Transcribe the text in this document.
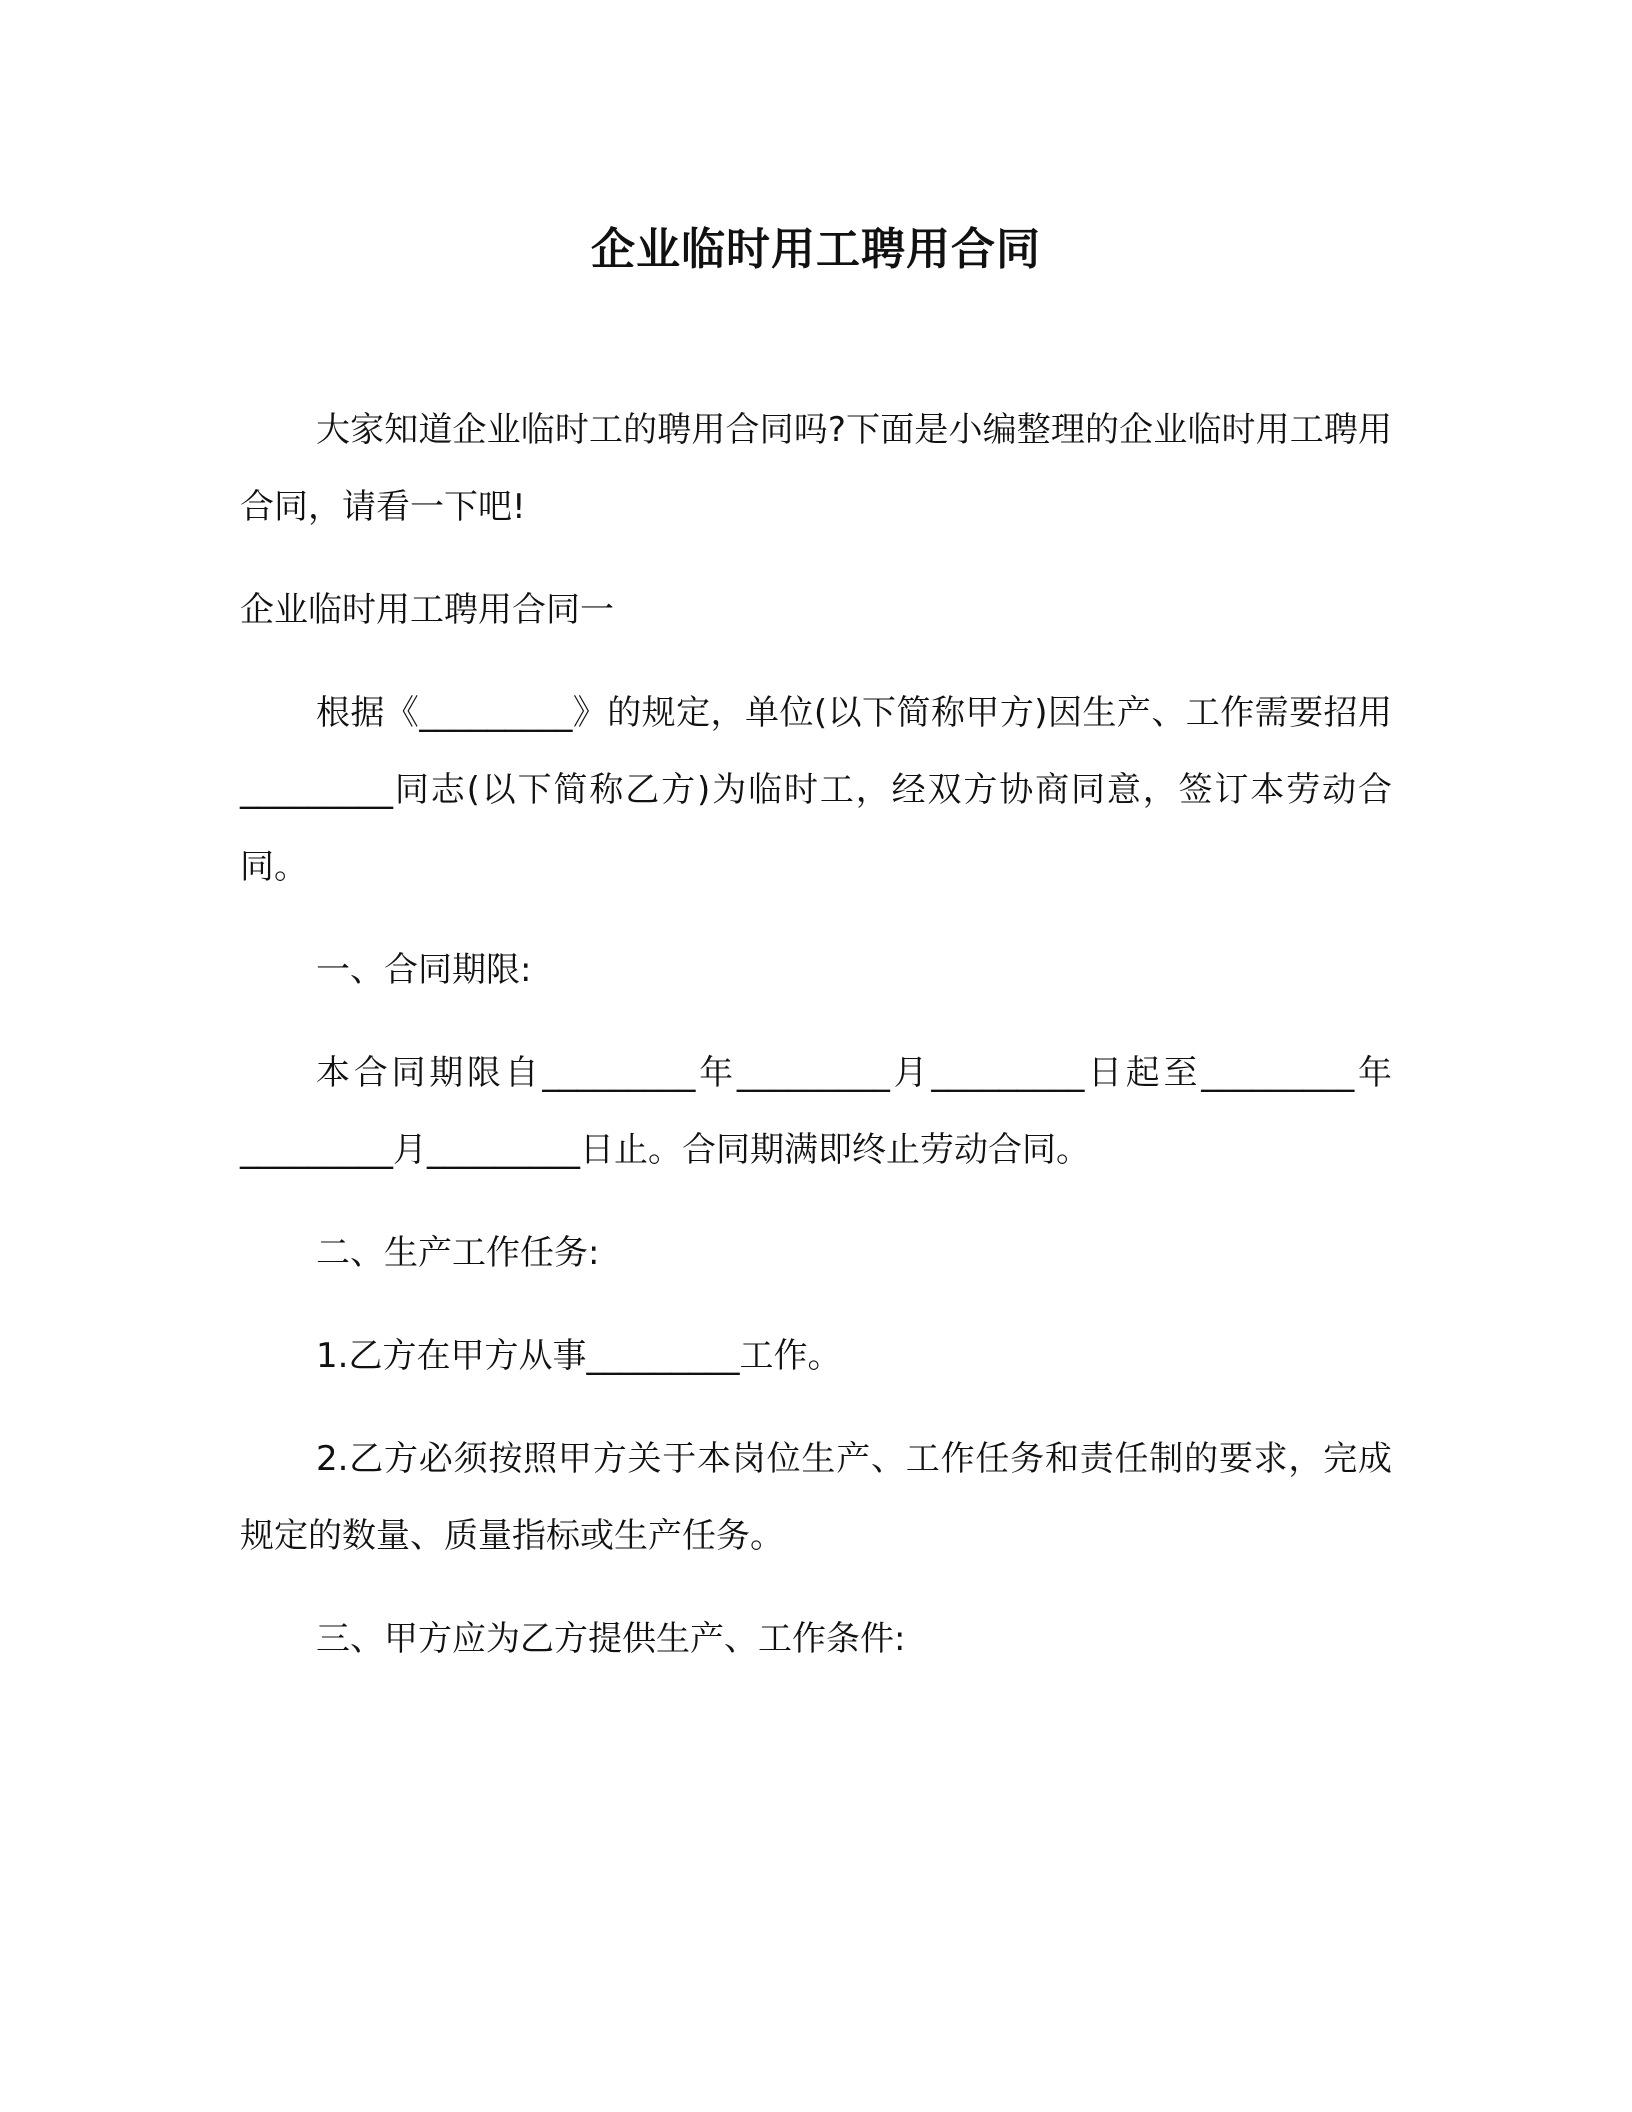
企业临时用工聘用合同

大家知道企业临时工的聘用合同吗?下面是小编整理的企业临时用工聘用合同，请看一下吧!

企业临时用工聘用合同一

根据《_________》的规定，单位(以下简称甲方)因生产、工作需要招用_________同志(以下简称乙方)为临时工，经双方协商同意，签订本劳动合同。

一、合同期限:

本合同期限自_________年_________月_________日起至_________年_________月_________日止。合同期满即终止劳动合同。

二、生产工作任务:

1.乙方在甲方从事_________工作。

2.乙方必须按照甲方关于本岗位生产、工作任务和责任制的要求，完成规定的数量、质量指标或生产任务。

三、甲方应为乙方提供生产、工作条件:
